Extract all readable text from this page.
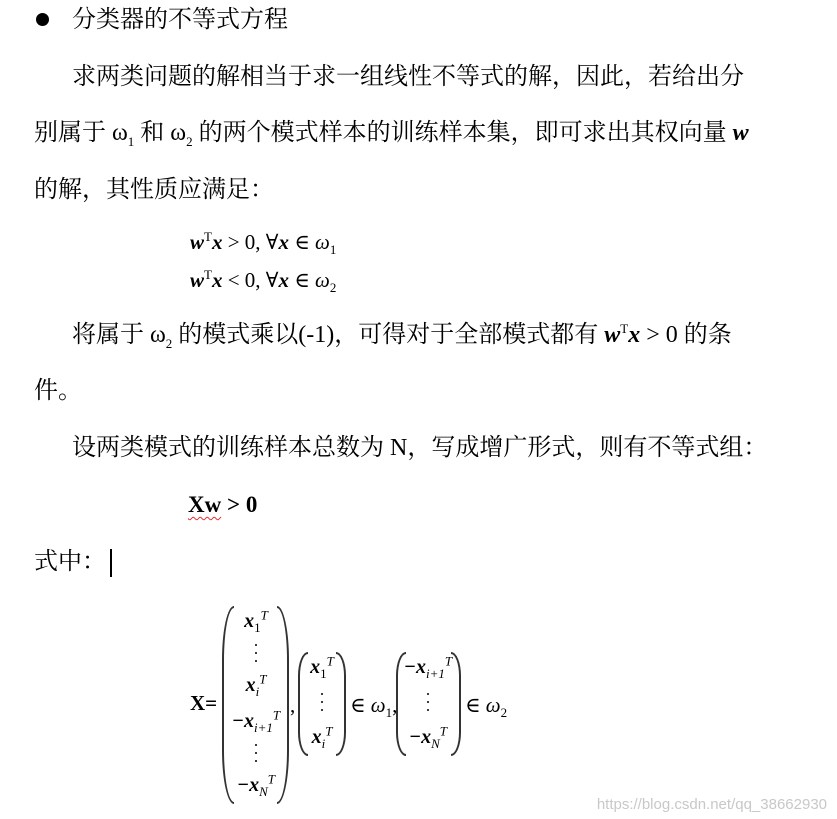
分类器的不等式方程
求两类问题的解相当于求一组线性不等式的解，因此，若给出分
别属于 $\omega_1$ 和 $\omega_2$ 的两个模式样本的训练样本集，即可求出其权向量 w
的解，其性质应满足：
$w^Tx > 0$, ∀x ∈ $\omega_1$
$w^Tx < 0$, ∀x ∈ $\omega_2$
将属于 $\omega_2$ 的模式乘以(-1)，可得对于全部模式都有 $w^Tx > 0$ 的条
件。
设两类模式的训练样本总数为 N，写成增广形式，则有不等式组：
Xw > 0
式中：
X=
$x_1^T$
$x_i^T$
$-x_{i+1}^T$
$-x_N^T$
,
$x_1^T$
$x_i^T$
∈ $\omega_1$,
$-x_{i+1}^T$
$-x_N^T$
∈ $\omega_2$
https://blog.csdn.net/qq_38662930
